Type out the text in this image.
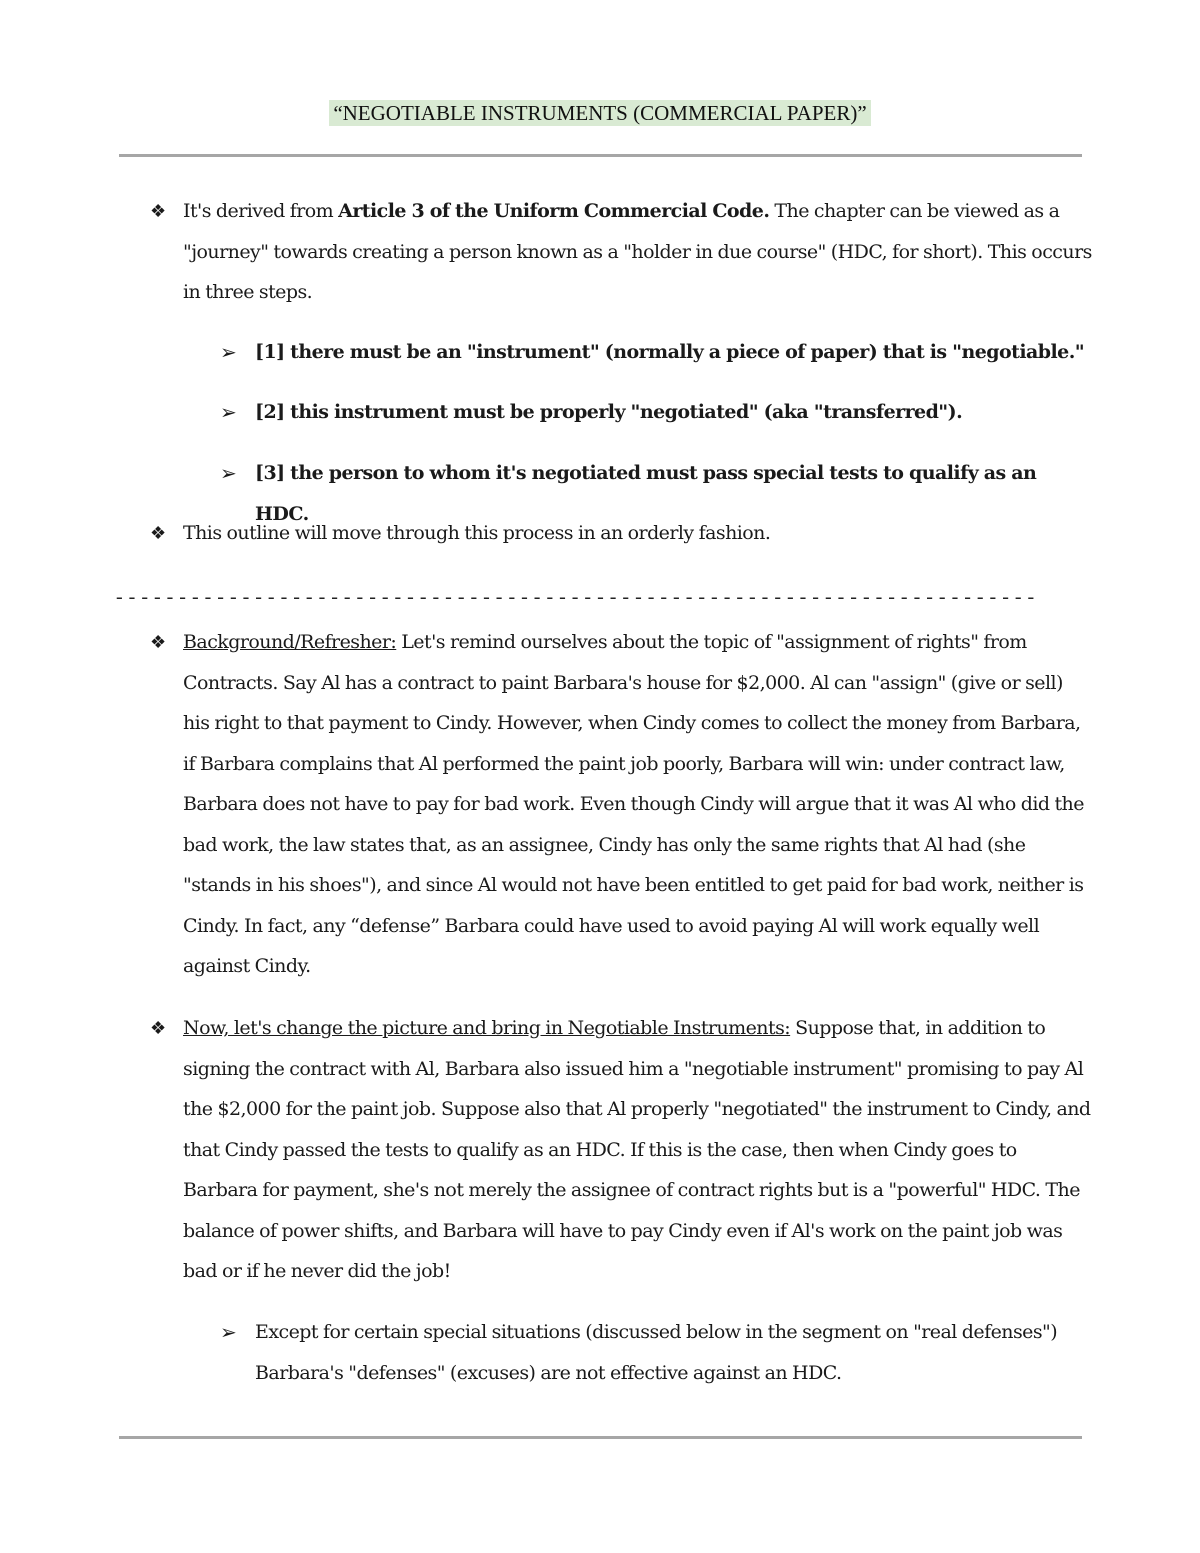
“NEGOTIABLE INSTRUMENTS (COMMERCIAL PAPER)”
❖ It's derived from Article 3 of the Uniform Commercial Code. The chapter can be viewed as a "journey" towards creating a person known as a "holder in due course" (HDC, for short). This occurs in three steps.
➢ [1] there must be an "instrument" (normally a piece of paper) that is "negotiable."
➢ [2] this instrument must be properly "negotiated" (aka "transferred").
➢ [3] the person to whom it's negotiated must pass special tests to qualify as an HDC.
❖ This outline will move through this process in an orderly fashion.
- - - - - - - - - - - - - - - - - - - - - - - - - - - - - - - - - - - - - - - - - - - - - - - - - - - - - - - - - - - - - - - - - - - - - - - - -
❖ Background/Refresher: Let's remind ourselves about the topic of "assignment of rights" from Contracts. Say Al has a contract to paint Barbara's house for $2,000. Al can "assign" (give or sell) his right to that payment to Cindy. However, when Cindy comes to collect the money from Barbara, if Barbara complains that Al performed the paint job poorly, Barbara will win: under contract law, Barbara does not have to pay for bad work. Even though Cindy will argue that it was Al who did the bad work, the law states that, as an assignee, Cindy has only the same rights that Al had (she "stands in his shoes"), and since Al would not have been entitled to get paid for bad work, neither is Cindy. In fact, any “defense” Barbara could have used to avoid paying Al will work equally well against Cindy.
❖ Now, let's change the picture and bring in Negotiable Instruments: Suppose that, in addition to signing the contract with Al, Barbara also issued him a "negotiable instrument" promising to pay Al the $2,000 for the paint job. Suppose also that Al properly "negotiated" the instrument to Cindy, and that Cindy passed the tests to qualify as an HDC. If this is the case, then when Cindy goes to Barbara for payment, she's not merely the assignee of contract rights but is a "powerful" HDC. The balance of power shifts, and Barbara will have to pay Cindy even if Al's work on the paint job was bad or if he never did the job!
➢ Except for certain special situations (discussed below in the segment on "real defenses") Barbara's "defenses" (excuses) are not effective against an HDC.
